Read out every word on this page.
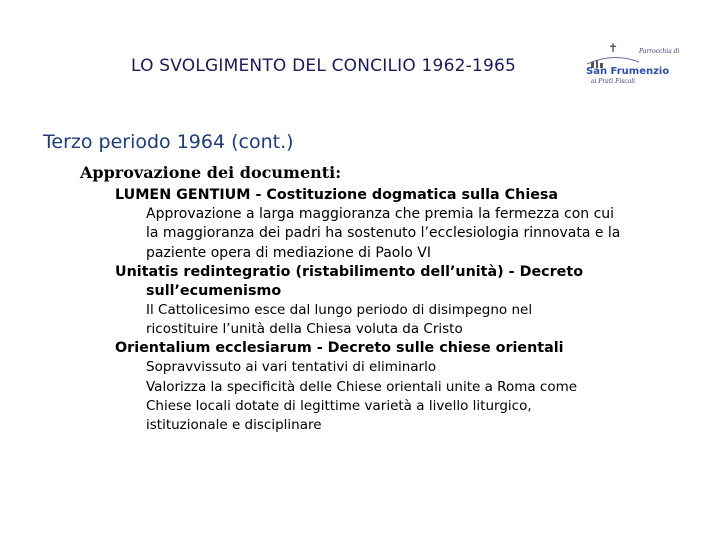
LO SVOLGIMENTO DEL CONCILIO 1962-1965
✝	Parrocchia di
San Frumenzio
ai Prati Fiscali
Terzo periodo 1964 (cont.)
Approvazione dei documenti:
LUMEN GENTIUM - Costituzione dogmatica sulla Chiesa
Approvazione a larga maggioranza che premia la fermezza con cui
la maggioranza dei padri ha sostenuto l’ecclesiologia rinnovata e la
paziente opera di mediazione di Paolo VI
Unitatis redintegratio (ristabilimento dell’unità) - Decreto sull’ecumenismo
Il Cattolicesimo esce dal lungo periodo di disimpegno nel
ricostituire l’unità della Chiesa voluta da Cristo
Orientalium ecclesiarum - Decreto sulle chiese orientali
Sopravvissuto ai vari tentativi di eliminarlo
Valorizza la specificità delle Chiese orientali unite a Roma come
Chiese locali dotate di legittime varietà a livello liturgico,
istituzionale e disciplinare
